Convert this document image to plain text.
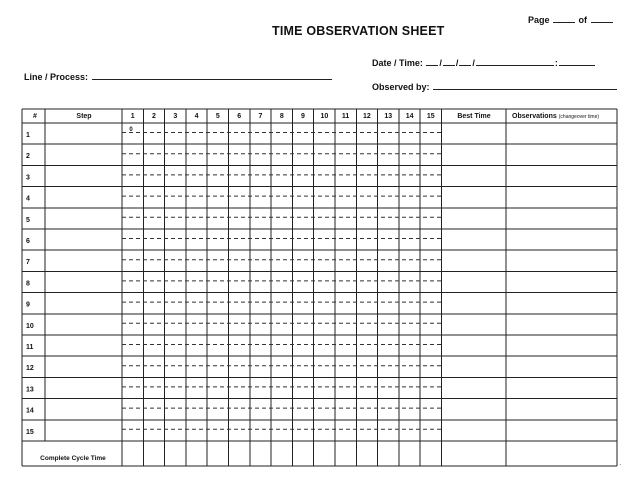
TIME OBSERVATION SHEET
Page	of
Date / Time: / / /	:
Line / Process:
Observed by:
#	Step	1 2 3 4 5 6 7 8 9 10 11 12 13 14 15	Best Time	Observations (changeover time)
1
2
3
4
5
6
7
8
9
10
11
12
13
14
15
Complete Cycle Time
.
